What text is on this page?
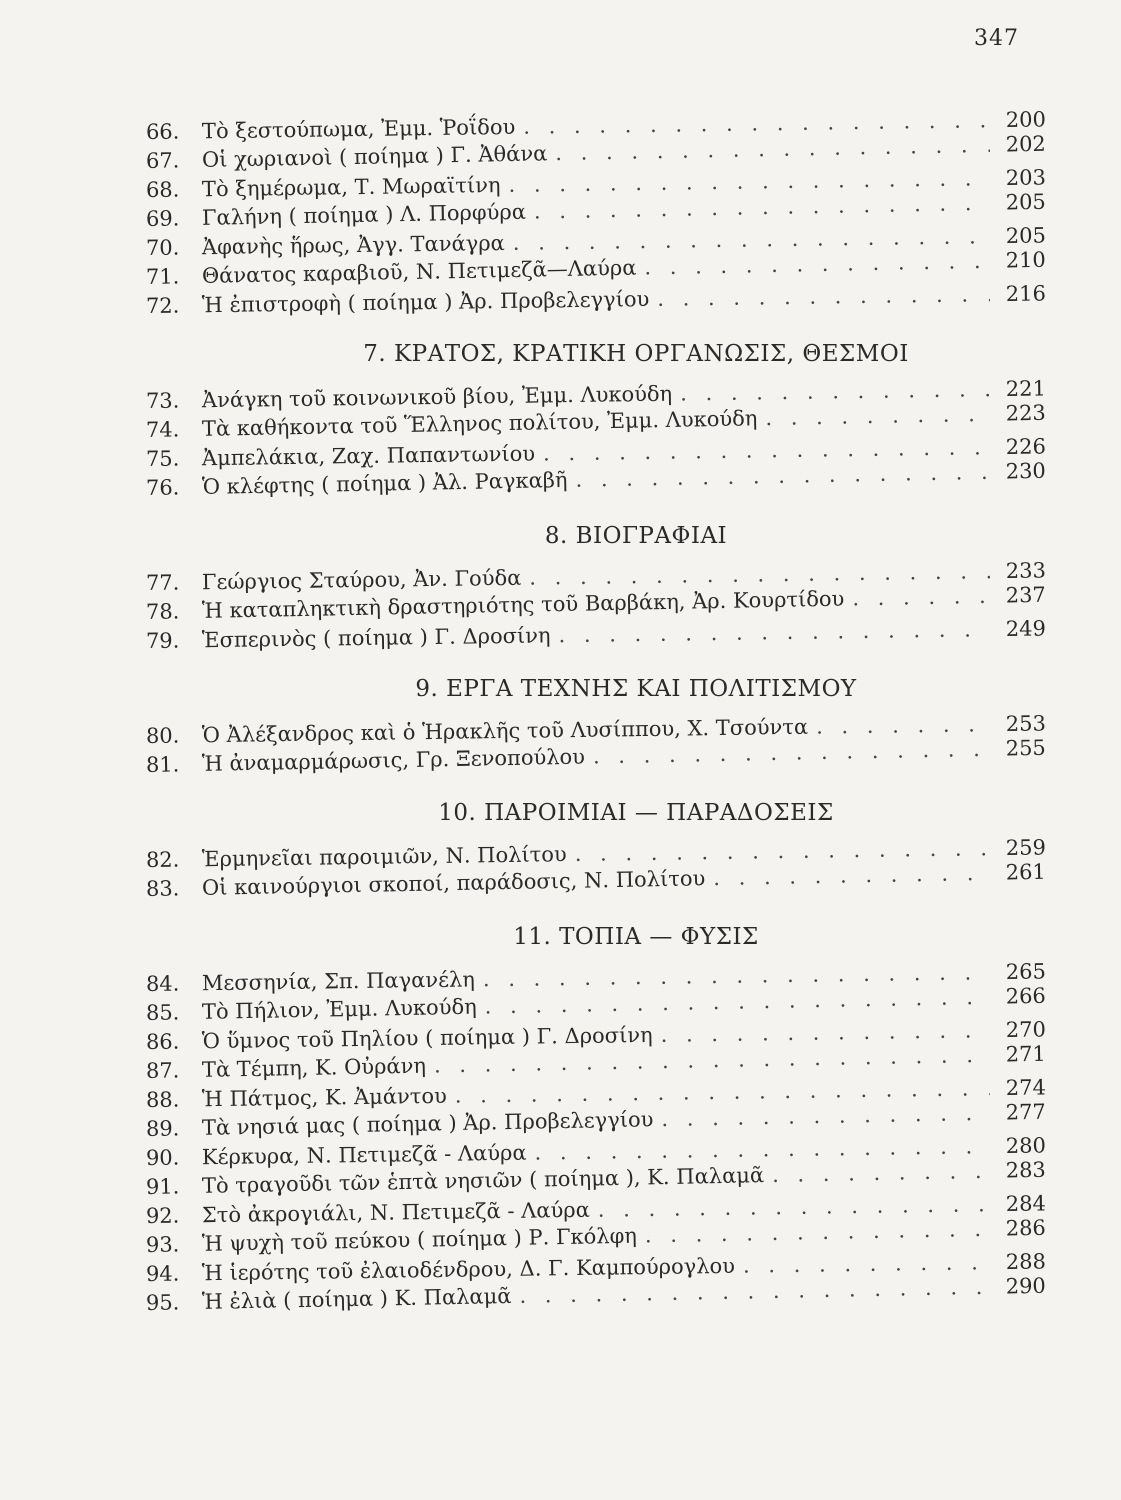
347
66.	Τὸ ξεστούπωμα, Ἐμμ. Ῥοΐδου . . .	200
67.	Οἱ χωριανοὶ ( ποίημα ) Γ. Ἀθάνα . . .	202
68.	Τὸ ξημέρωμα, Τ. Μωραϊτίνη . . .	203
69.	Γαλήνη ( ποίημα ) Λ. Πορφύρα . . .	205
70.	Ἀφανὴς ἥρως, Ἀγγ. Τανάγρα . . .	205
71.	Θάνατος καραβιοῦ, Ν. Πετιμεζᾶ—Λαύρα . . .	210
72.	Ἡ ἐπιστροφὴ ( ποίημα ) Ἀρ. Προβελεγγίου . . .	216
7. ΚΡΑΤΟΣ, ΚΡΑΤΙΚΗ ΟΡΓΑΝΩΣΙΣ, ΘΕΣΜΟΙ
73.	Ἀνάγκη τοῦ κοινωνικοῦ βίου, Ἐμμ. Λυκούδη . . .	221
74.	Τὰ καθήκοντα τοῦ Ἕλληνος πολίτου, Ἐμμ. Λυκούδη . . .	223
75.	Ἀμπελάκια, Ζαχ. Παπαντωνίου . . .	226
76.	Ὁ κλέφτης ( ποίημα ) Ἀλ. Ραγκαβῆ . . .	230
8. ΒΙΟΓΡΑΦΙΑΙ
77.	Γεώργιος Σταύρου, Ἀν. Γούδα . . .	233
78.	Ἡ καταπληκτικὴ δραστηριότης τοῦ Βαρβάκη, Ἀρ. Κουρτίδου . . .	237
79.	Ἑσπερινὸς ( ποίημα ) Γ. Δροσίνη . . .	249
9. ΕΡΓΑ ΤΕΧΝΗΣ ΚΑΙ ΠΟΛΙΤΙΣΜΟΥ
80.	Ὁ Ἀλέξανδρος καὶ ὁ Ἡρακλῆς τοῦ Λυσίππου, Χ. Τσούντα . . .	253
81.	Ἡ ἀναμαρμάρωσις, Γρ. Ξενοπούλου . . .	255
10. ΠΑΡΟΙΜΙΑΙ — ΠΑΡΑΔΟΣΕΙΣ
82.	Ἑρμηνεῖαι παροιμιῶν, Ν. Πολίτου . . .	259
83.	Οἱ καινούργιοι σκοποί, παράδοσις, Ν. Πολίτου . . .	261
11. ΤΟΠΙΑ — ΦΥΣΙΣ
84.	Μεσσηνία, Σπ. Παγανέλη . . .	265
85.	Τὸ Πήλιον, Ἐμμ. Λυκούδη . . .	266
86.	Ὁ ὕμνος τοῦ Πηλίου ( ποίημα ) Γ. Δροσίνη . . .	270
87.	Τὰ Τέμπη, Κ. Οὐράνη . . .	271
88.	Ἡ Πάτμος, Κ. Ἀμάντου . . .	274
89.	Τὰ νησιά μας ( ποίημα ) Ἀρ. Προβελεγγίου . . .	277
90.	Κέρκυρα, Ν. Πετιμεζᾶ - Λαύρα . . .	280
91.	Τὸ τραγοῦδι τῶν ἑπτὰ νησιῶν ( ποίημα ), Κ. Παλαμᾶ . . .	283
92.	Στὸ ἀκρογιάλι, Ν. Πετιμεζᾶ - Λαύρα . . .	284
93.	Ἡ ψυχὴ τοῦ πεύκου ( ποίημα ) Ρ. Γκόλφη . . .	286
94.	Ἡ ἱερότης τοῦ ἐλαιοδένδρου, Δ. Γ. Καμπούρογλου . . .	288
95.	Ἡ ἐλιὰ ( ποίημα ) Κ. Παλαμᾶ . . .	290
